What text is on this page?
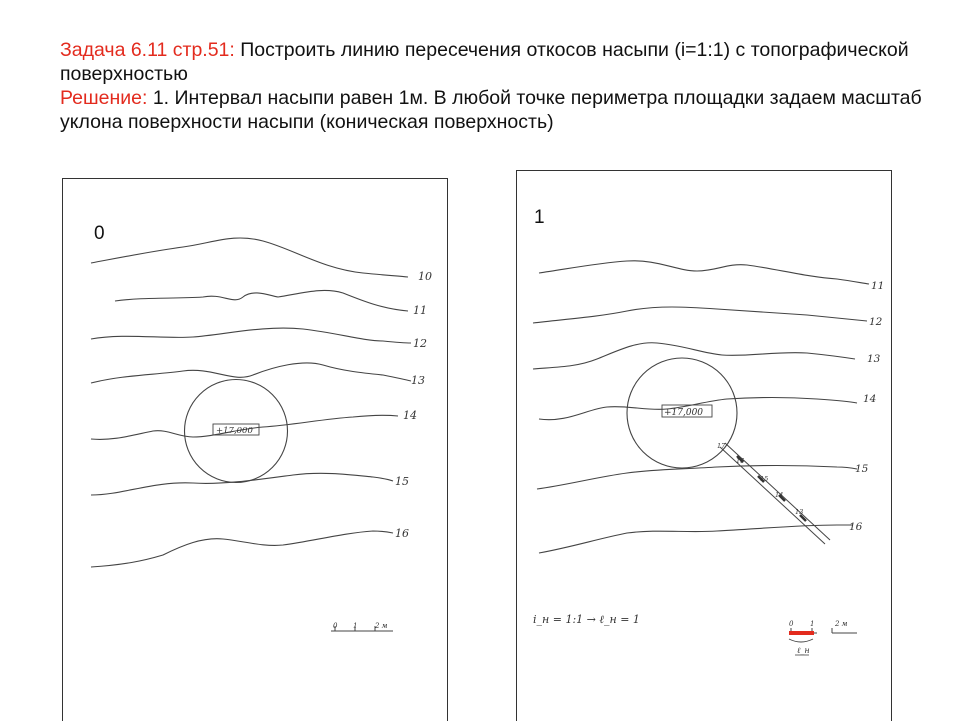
Задача 6.11 стр.51: Построить линию пересечения откосов насыпи (i=1:1) с топографической поверхностью
Решение: 1. Интервал насыпи равен 1м. В любой точке периметра площадки задаем масштаб уклона поверхности насыпи (коническая поверхность)
0
10
11
12
13
14
15
16
+17,000
0 1	2 м
1
11
12
13
14
15
16
+17,000
17
16
15
14
13
i_н = 1:1 → ℓ_н = 1	0 1	2 м
ℓ_н
